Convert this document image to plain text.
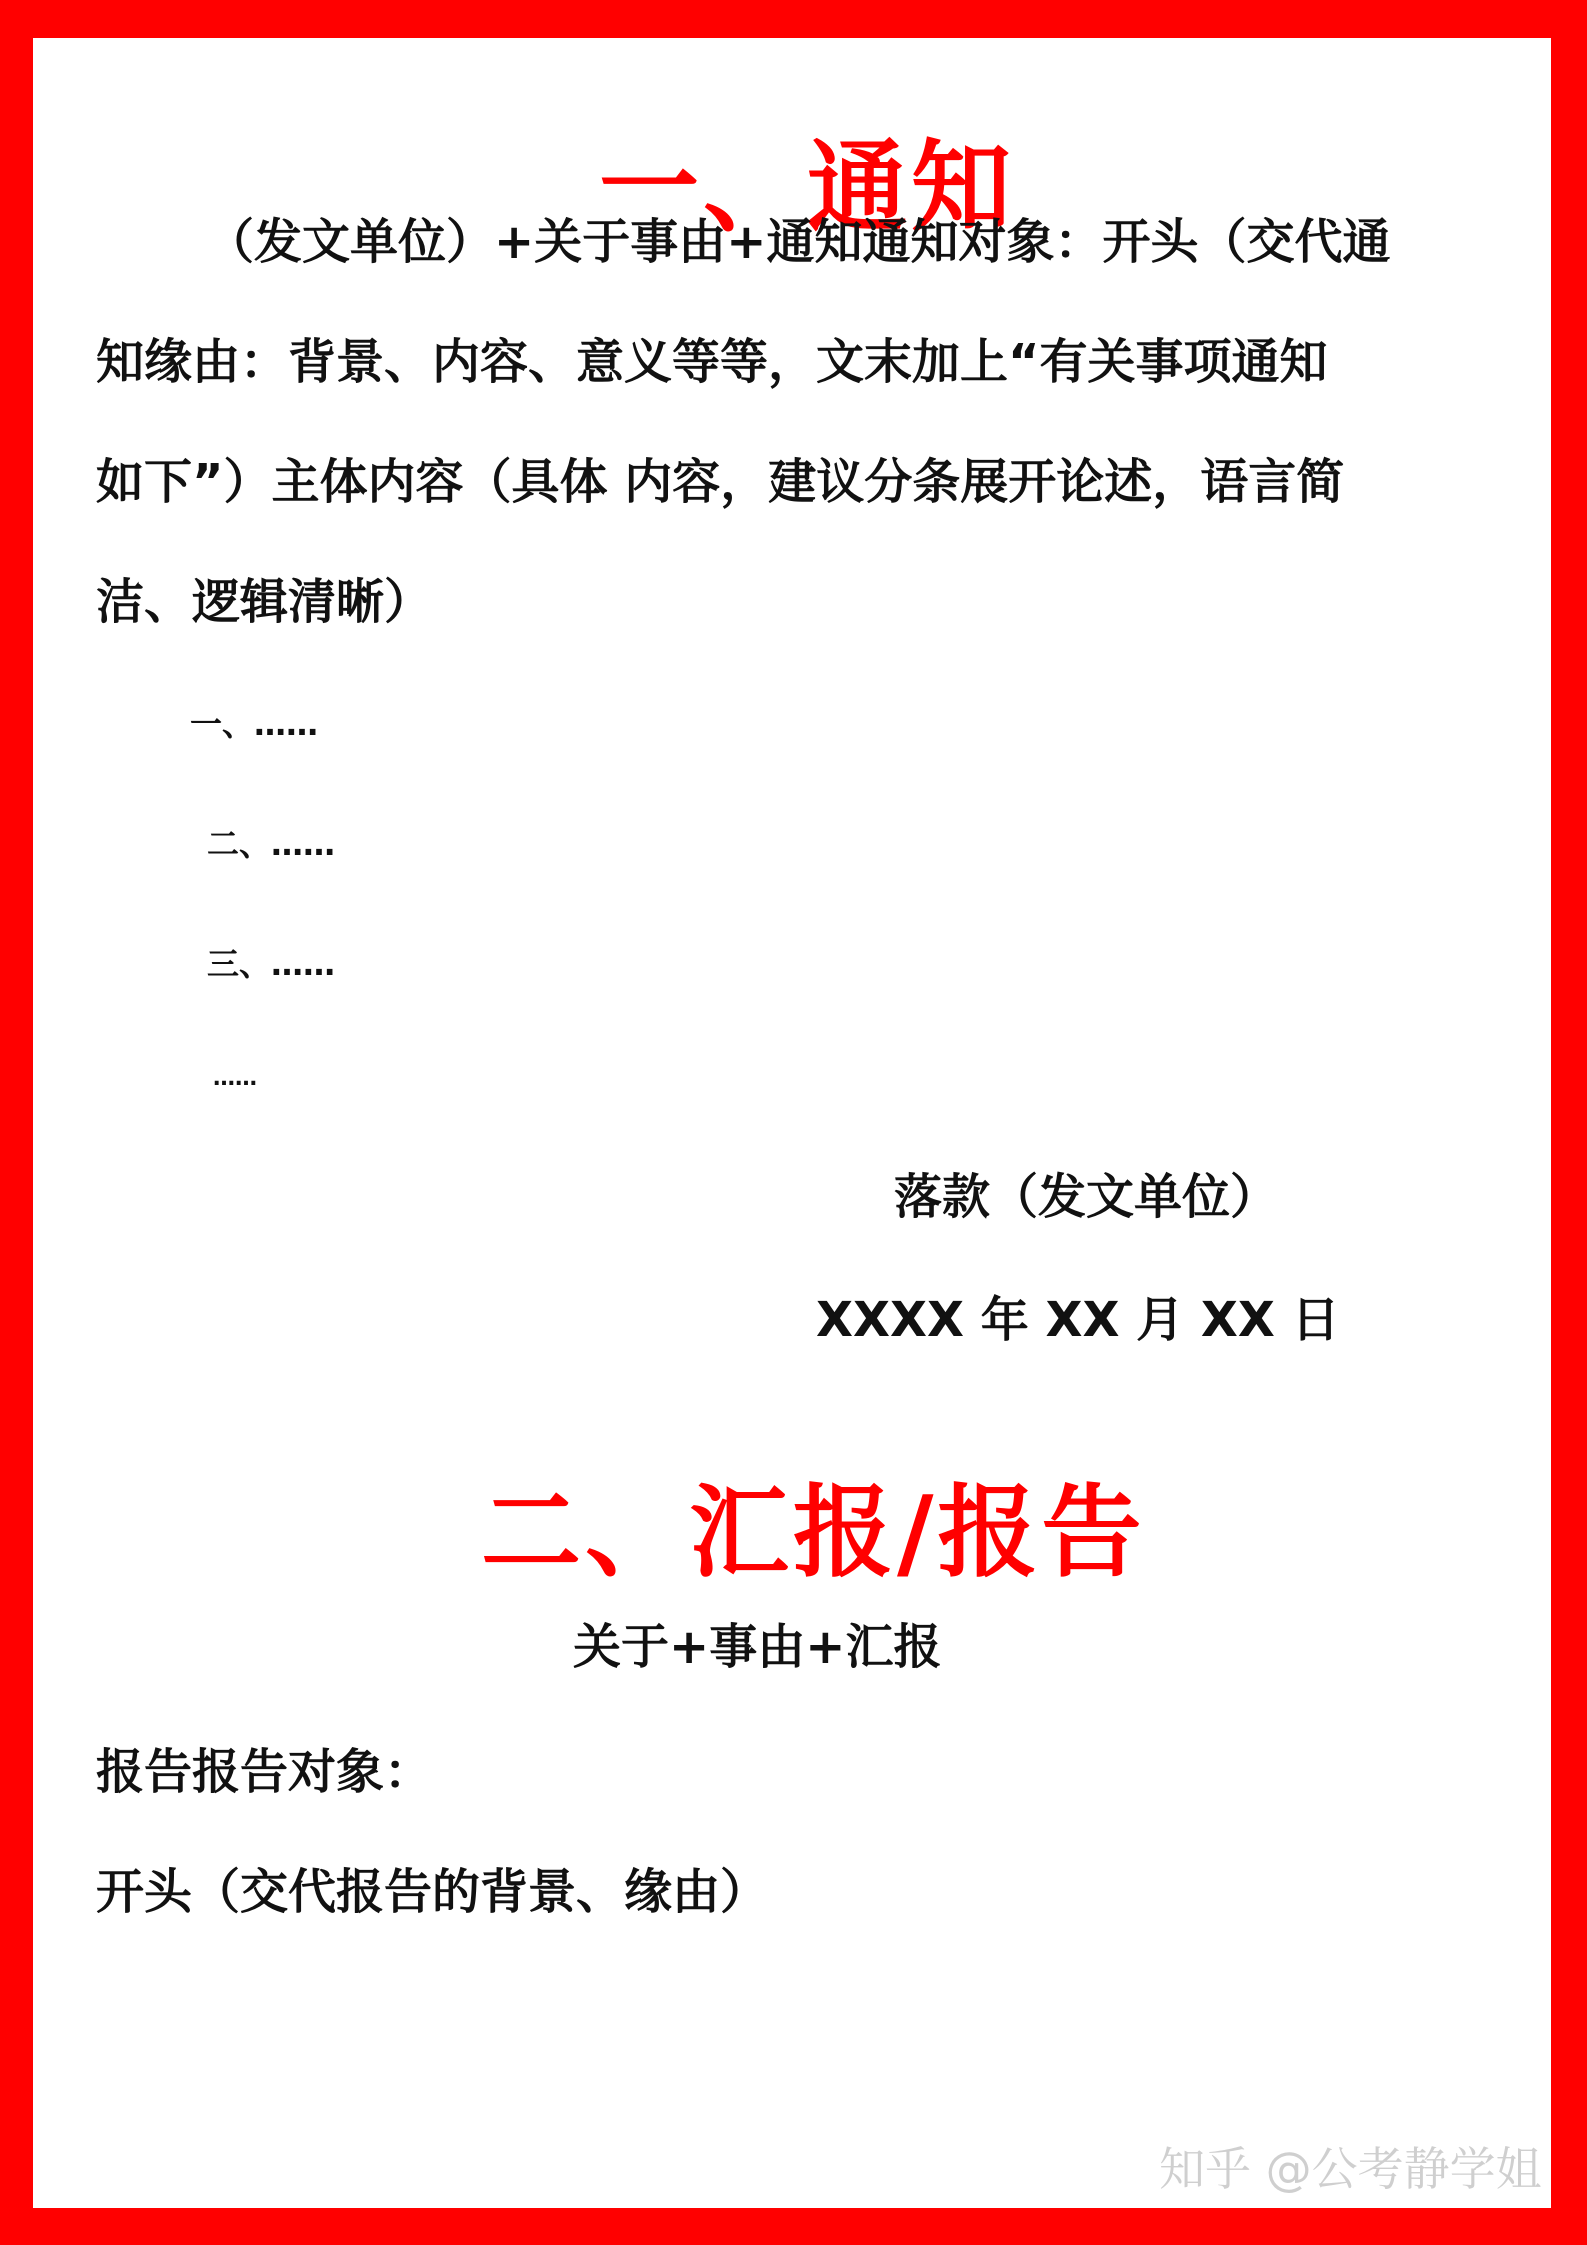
一、通知
（发文单位）+关于事由+通知通知对象：开头（交代通
知缘由：背景、内容、意义等等，文末加上“有关事项通知
如下”）主体内容（具体 内容，建议分条展开论述，语言简
洁、逻辑清晰）
一、……
二、……
三、……
……
落款（发文单位）
XXXX 年 XX 月 XX 日
二、汇报/报告
关于+事由+汇报
报告报告对象：
开头（交代报告的背景、缘由）
知乎 @公考静学姐
